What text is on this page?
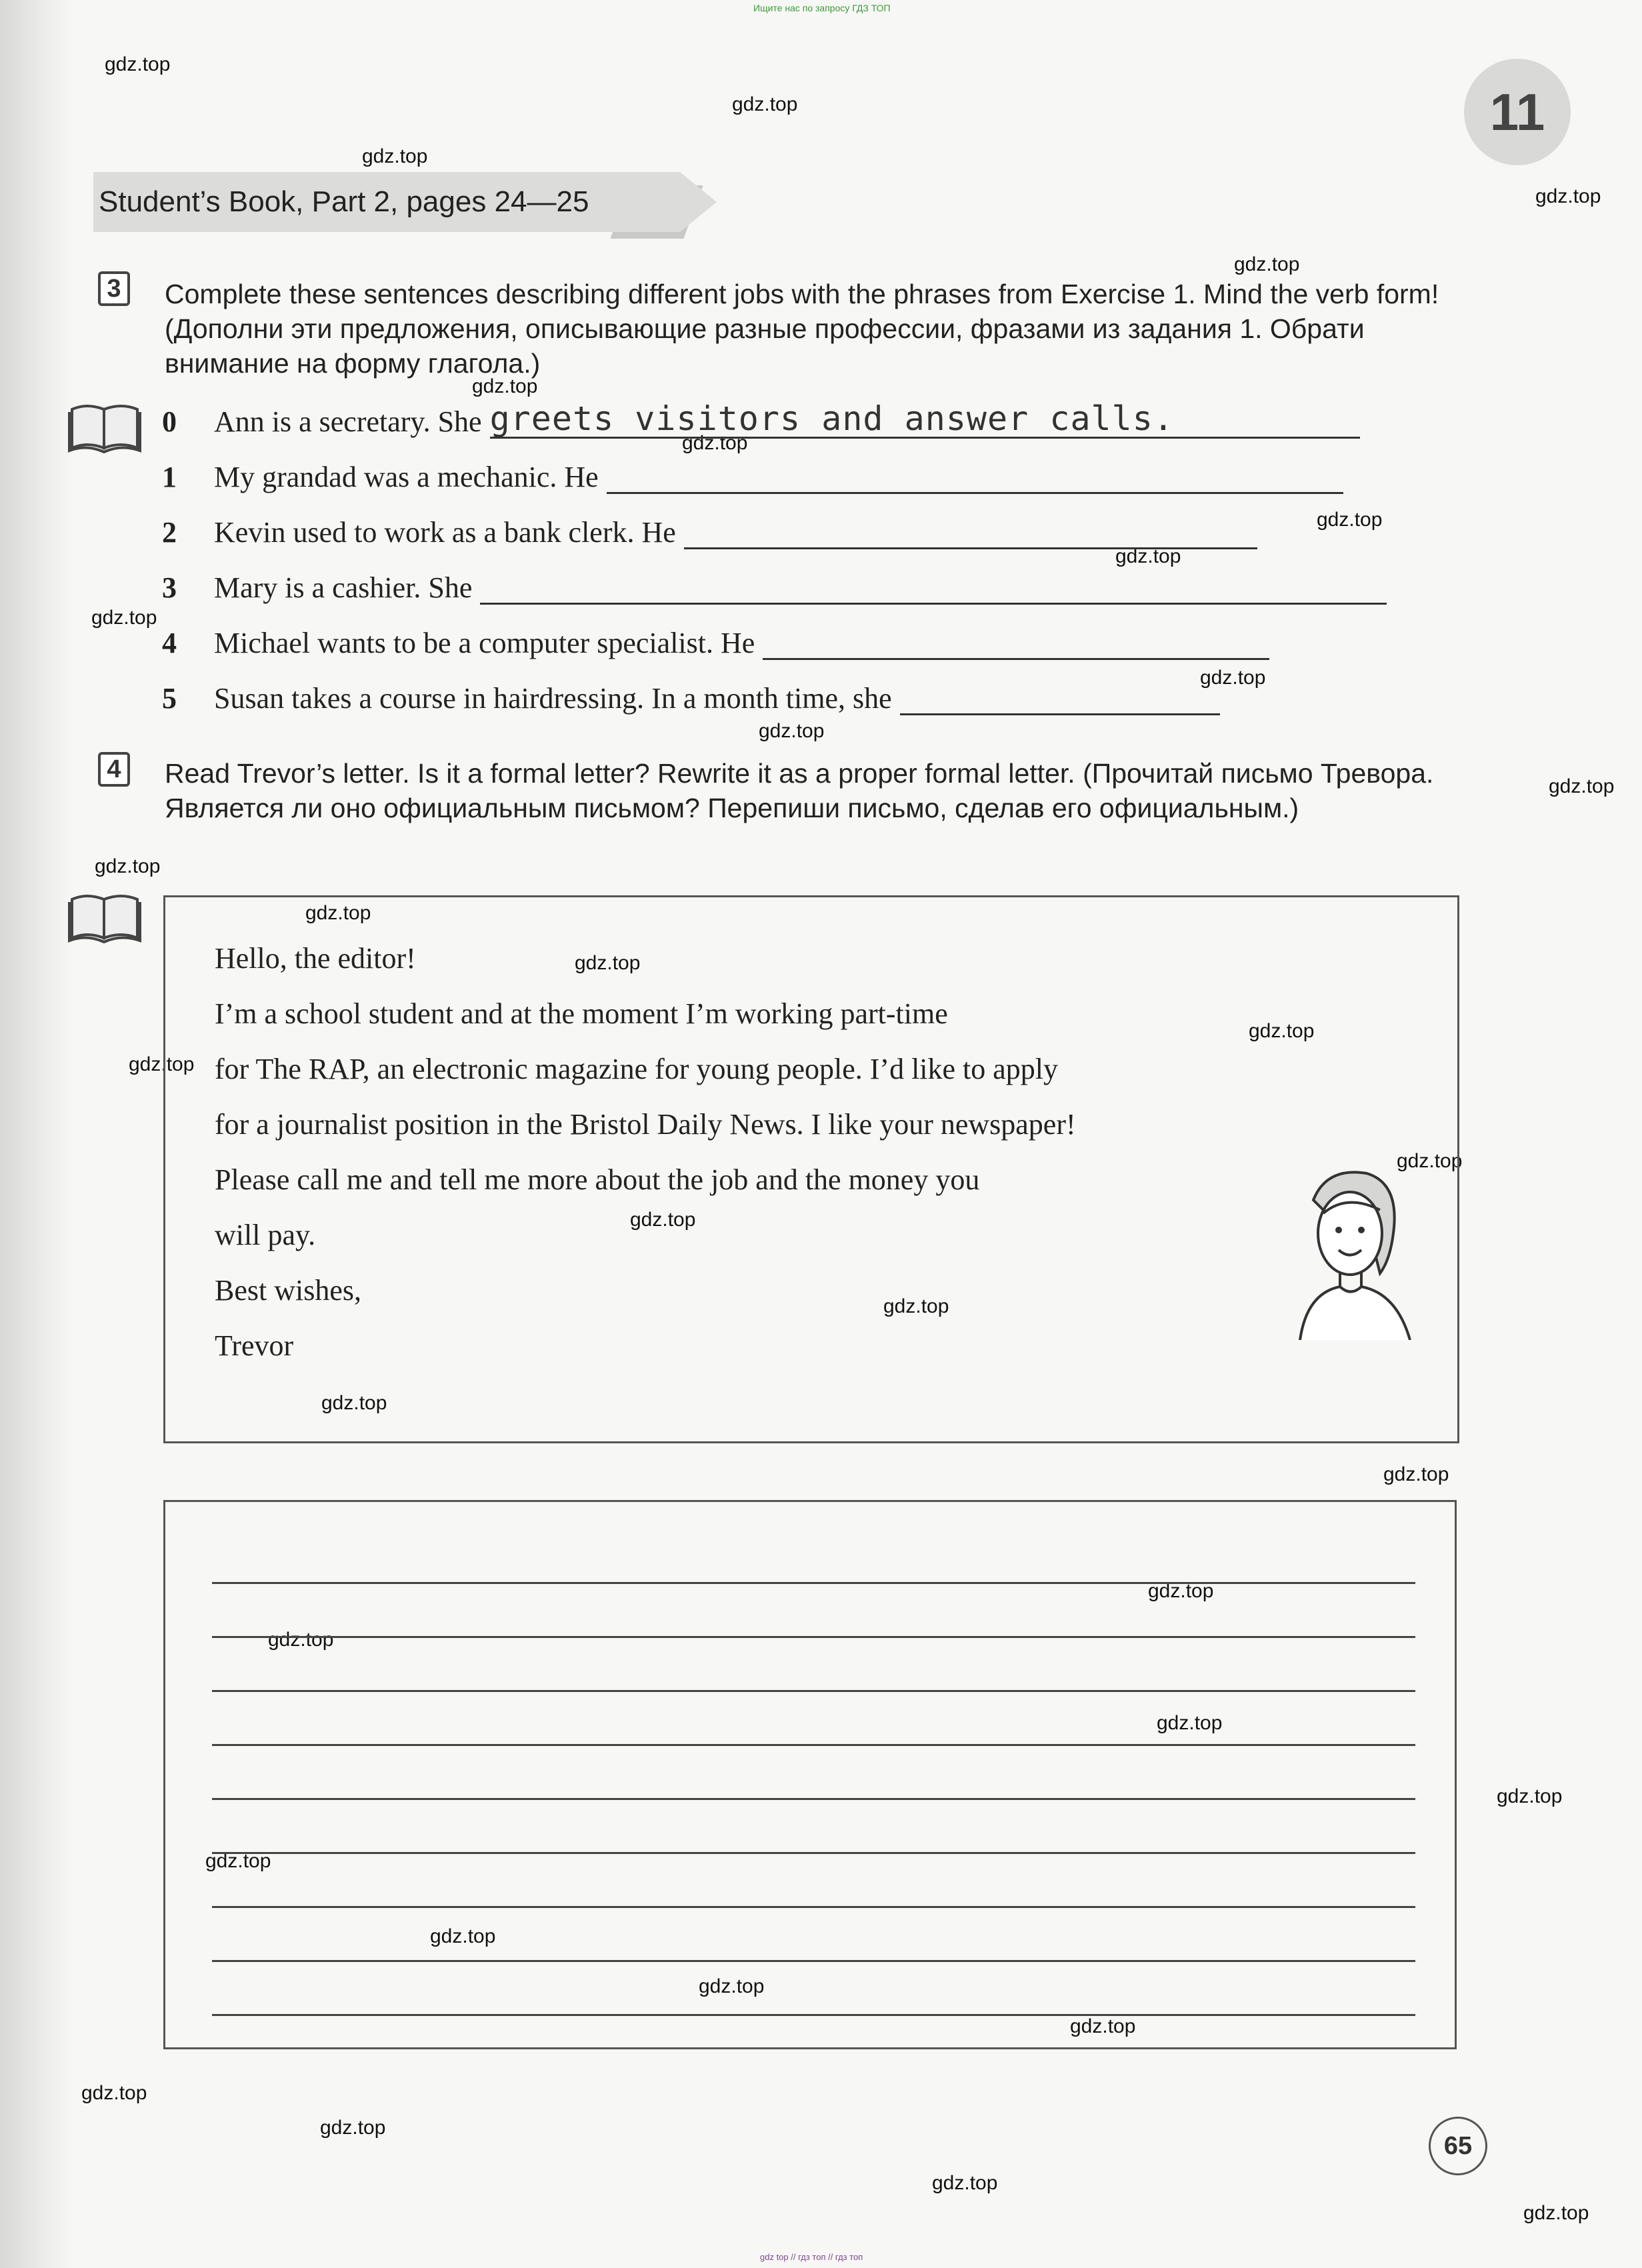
Ищите нас по запросу ГДЗ ТОП
gdz.top
gdz.top
gdz.top
gdz.top
gdz.top
gdz.top
gdz.top
gdz.top
gdz.top
gdz.top
gdz.top
gdz.top
gdz.top
gdz.top
gdz.top
gdz.top
gdz.top
gdz.top
gdz.top
gdz.top
gdz.top
gdz.top
gdz.top
gdz.top
gdz.top
gdz.top
gdz.top
gdz.top
gdz.top
gdz.top
gdz.top
gdz.top
gdz.top
gdz.top
gdz.top
11
Student’s Book, Part 2, pages 24—25
3	Complete these sentences describing different jobs with the phrases from Exercise 1. Mind the verb form! (Дополни эти предложения, описывающие разные профессии, фразами из задания 1. Обрати внимание на форму глагола.)
0	Ann is a secretary. She greets visitors and answer calls.
1	My grandad was a mechanic. He
2	Kevin used to work as a bank clerk. He
3	Mary is a cashier. She
4	Michael wants to be a computer specialist. He
5	Susan takes a course in hairdressing. In a month time, she
4	Read Trevor’s letter. Is it a formal letter? Rewrite it as a proper formal letter. (Прочитай письмо Тревора. Является ли оно официальным письмом? Перепиши письмо, сделав его официальным.)
Hello, the editor!
I’m a school student and at the moment I’m working part-time
for The RAP, an electronic magazine for young people. I’d like to apply
for a journalist position in the Bristol Daily News. I like your newspaper!
Please call me and tell me more about the job and the money you
will pay.
Best wishes,
Trevor
65
gdz top // гдз топ // гдз топ
